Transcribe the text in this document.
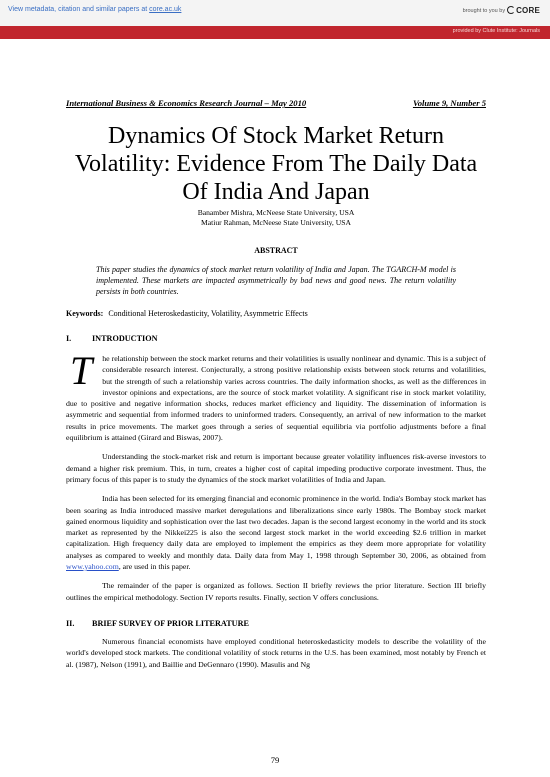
View metadata, citation and similar papers at core.ac.uk	brought to you by	CORE
provided by Clute Institute: Journals
International Business & Economics Research Journal – May 2010	Volume 9, Number 5
Dynamics Of Stock Market Return Volatility: Evidence From The Daily Data Of India And Japan
Banamber Mishra, McNeese State University, USA
Matiur Rahman, McNeese State University, USA
ABSTRACT
This paper studies the dynamics of stock market return volatility of India and Japan. The TGARCH-M model is implemented. These markets are impacted asymmetrically by bad news and good news. The return volatility persists in both countries.
Keywords: Conditional Heteroskedasticity, Volatility, Asymmetric Effects
I.	INTRODUCTION
T he relationship between the stock market returns and their volatilities is usually nonlinear and dynamic. This is a subject of considerable research interest. Conjecturally, a strong positive relationship exists between stock returns and volatilities, but the strength of such a relationship varies across countries. The daily information shocks, as well as the differences in investor opinions and expectations, are the source of stock market volatility. A significant rise in stock market volatility, due to positive and negative information shocks, reduces market efficiency and liquidity. The dissemination of information is asymmetric and sequential from informed traders to uninformed traders. Consequently, an arrival of new information to the market results in price movements. The market goes through a series of sequential equilibria via portfolio adjustments before a final equilibrium is attained (Girard and Biswas, 2007).
Understanding the stock-market risk and return is important because greater volatility influences risk-averse investors to demand a higher risk premium. This, in turn, creates a higher cost of capital impeding productive corporate investment. Thus, the primary focus of this paper is to study the dynamics of the stock market volatilities of India and Japan.
India has been selected for its emerging financial and economic prominence in the world. India's Bombay stock market has been soaring as India introduced massive market deregulations and liberalizations since early 1980s. The Bombay stock market gained enormous liquidity and sophistication over the last two decades. Japan is the second largest economy in the world and its stock market as represented by the Nikkei225 is also the second largest stock market in the world exceeding $2.6 trillion in market capitalization. High frequency daily data are employed to implement the empirics as they deem more appropriate for volatility analyses as compared to weekly and monthly data. Daily data from May 1, 1998 through September 30, 2006, as obtained from www.yahoo.com, are used in this paper.
The remainder of the paper is organized as follows. Section II briefly reviews the prior literature. Section III briefly outlines the empirical methodology. Section IV reports results. Finally, section V offers conclusions.
II.	BRIEF SURVEY OF PRIOR LITERATURE
Numerous financial economists have employed conditional heteroskedasticity models to describe the volatility of the world's developed stock markets. The conditional volatility of stock returns in the U.S. has been examined, most notably by French et al. (1987), Nelson (1991), and Baillie and DeGennaro (1990). Masulis and Ng
79
